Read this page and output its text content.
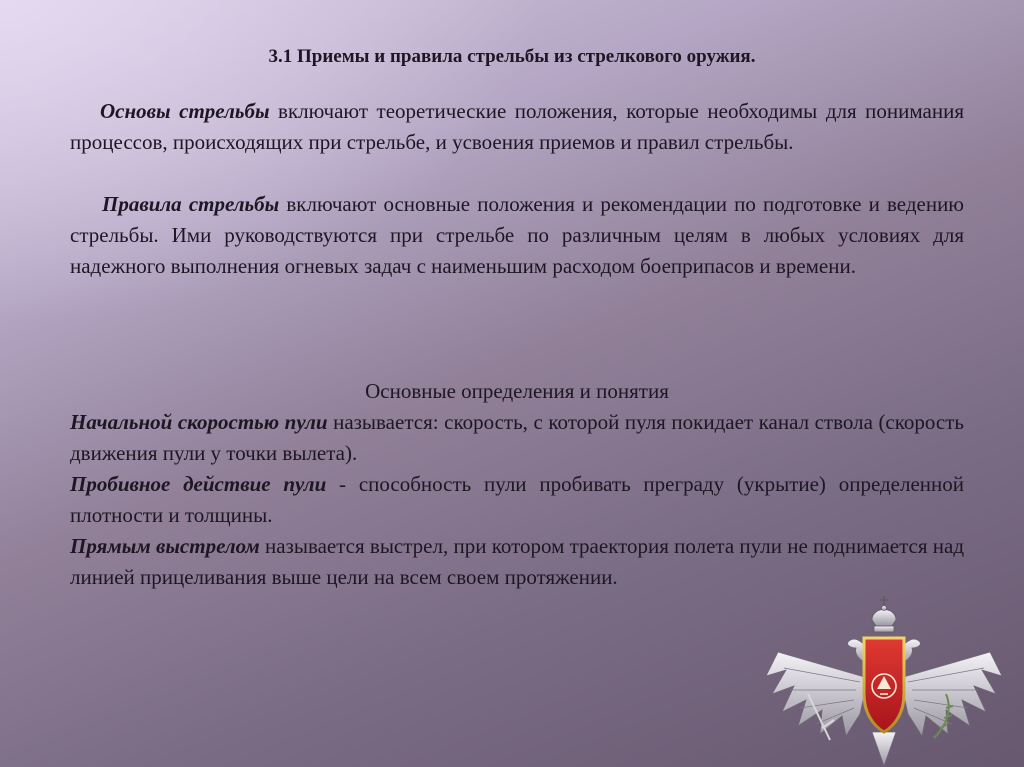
3.1 Приемы и правила стрельбы из стрелкового оружия.

Основы стрельбы включают теоретические положения, которые необходимы для понимания процессов, происходящих при стрельбе, и усвоения приемов и правил стрельбы.

Правила стрельбы включают основные положения и рекомендации по подготовке и ведению стрельбы. Ими руководствуются при стрельбе по различным целям в любых условиях для надежного выполнения огневых задач с наименьшим расходом боеприпасов и времени.

Основные определения и понятия

Начальной скоростью пули называется: скорость, с которой пуля покидает канал ствола (скорость движения пули у точки вылета).

Пробивное действие пули - способность пули пробивать преграду (укрытие) определенной плотности и толщины.

Прямым выстрелом называется выстрел, при котором траектория полета пули не поднимается над линией прицеливания выше цели на всем своем протяжении.
